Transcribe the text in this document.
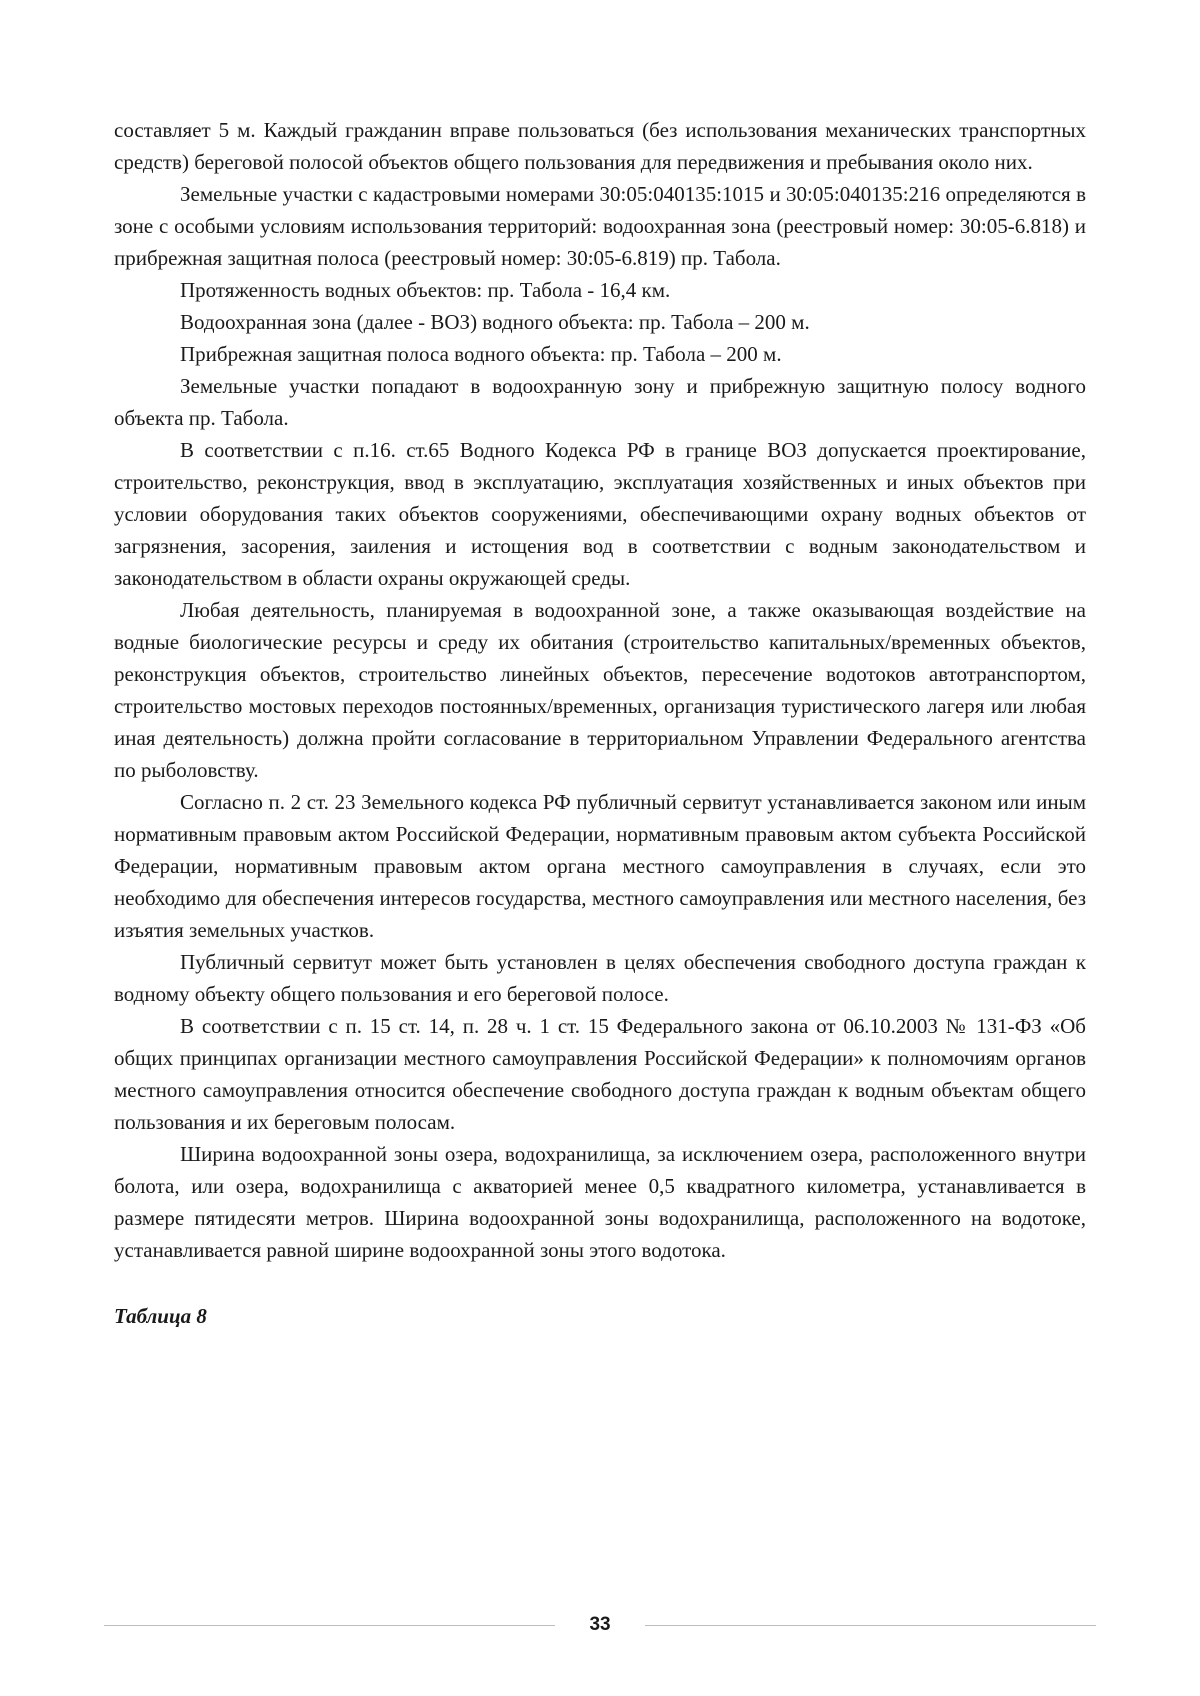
составляет 5 м. Каждый гражданин вправе пользоваться (без использования механических транспортных средств) береговой полосой объектов общего пользования для передвижения и пребывания около них.

Земельные участки с кадастровыми номерами 30:05:040135:1015 и 30:05:040135:216 определяются в зоне с особыми условиям использования территорий: водоохранная зона (реестровый номер: 30:05-6.818) и прибрежная защитная полоса (реестровый номер: 30:05-6.819) пр. Табола.

Протяженность водных объектов: пр. Табола - 16,4 км.

Водоохранная зона (далее - ВОЗ) водного объекта: пр. Табола – 200 м.

Прибрежная защитная полоса водного объекта: пр. Табола – 200 м.

Земельные участки попадают в водоохранную зону и прибрежную защитную полосу водного объекта пр. Табола.

В соответствии с п.16. ст.65 Водного Кодекса РФ в границе ВОЗ допускается проектирование, строительство, реконструкция, ввод в эксплуатацию, эксплуатация хозяйственных и иных объектов при условии оборудования таких объектов сооружениями, обеспечивающими охрану водных объектов от загрязнения, засорения, заиления и истощения вод в соответствии с водным законодательством и законодательством в области охраны окружающей среды.

Любая деятельность, планируемая в водоохранной зоне, а также оказывающая воздействие на водные биологические ресурсы и среду их обитания (строительство капитальных/временных объектов, реконструкция объектов, строительство линейных объектов, пересечение водотоков автотранспортом, строительство мостовых переходов постоянных/временных, организация туристического лагеря или любая иная деятельность) должна пройти согласование в территориальном Управлении Федерального агентства по рыболовству.

Согласно п. 2 ст. 23 Земельного кодекса РФ публичный сервитут устанавливается законом или иным нормативным правовым актом Российской Федерации, нормативным правовым актом субъекта Российской Федерации, нормативным правовым актом органа местного самоуправления в случаях, если это необходимо для обеспечения интересов государства, местного самоуправления или местного населения, без изъятия земельных участков.

Публичный сервитут может быть установлен в целях обеспечения свободного доступа граждан к водному объекту общего пользования и его береговой полосе.

В соответствии с п. 15 ст. 14, п. 28 ч. 1 ст. 15 Федерального закона от 06.10.2003 № 131-ФЗ «Об общих принципах организации местного самоуправления Российской Федерации» к полномочиям органов местного самоуправления относится обеспечение свободного доступа граждан к водным объектам общего пользования и их береговым полосам.

Ширина водоохранной зоны озера, водохранилища, за исключением озера, расположенного внутри болота, или озера, водохранилища с акваторией менее 0,5 квадратного километра, устанавливается в размере пятидесяти метров. Ширина водоохранной зоны водохранилища, расположенного на водотоке, устанавливается равной ширине водоохранной зоны этого водотока.

Таблица 8

33
